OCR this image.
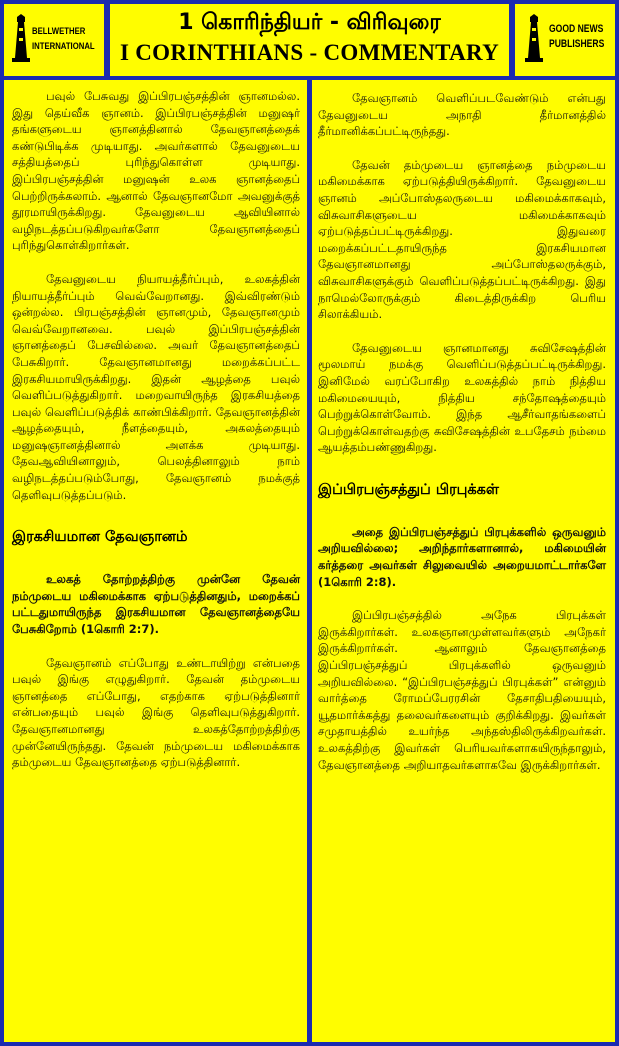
BELLWETHER
INTERNATIONAL
1 கொரிந்தியர் - விரிவுரை
I CORINTHIANS - COMMENTARY
GOOD NEWS
PUBLISHERS

பவுல் பேசுவது இப்பிரபஞ்சத்தின் ஞானமல்ல. இது தெய்வீக ஞானம். இப்பிரபஞ்சத்தின் மனுஷர் தங்களுடைய ஞானத்தினால் தேவஞானத்தைக் கண்டுபிடிக்க முடியாது. அவர்களால் தேவனுடைய சத்தியத்தைப் புரிந்துகொள்ள முடியாது. இப்பிரபஞ்சத்தின் மனுஷன் உலக ஞானத்தைப் பெற்றிருக்கலாம். ஆனால் தேவஞானமோ அவனுக்குத் தூரமாயிருக்கிறது. தேவனுடைய ஆவியினால் வழிநடத்தப்படுகிறவர்களோ தேவஞானத்தைப் புரிந்துகொள்கிறார்கள்.

தேவனுடைய நியாயத்தீர்ப்பும், உலகத்தின் நியாயத்தீர்ப்பும் வெவ்வேறானது. இவ்விரண்டும் ஒன்றல்ல. பிரபஞ்சத்தின் ஞானமும், தேவஞானமும் வெவ்வேறானவை. பவுல் இப்பிரபஞ்சத்தின் ஞானத்தைப் பேசவில்லை. அவர் தேவஞானத்தைப் பேசுகிறார். தேவஞானமானது மறைக்கப்பட்ட இரகசியமாயிருக்கிறது. இதன் ஆழத்தை பவுல் வெளிப்படுத்துகிறார். மறைவாயிருந்த இரகசியத்தை பவுல் வெளிப்படுத்திக் காண்பிக்கிறார். தேவஞானத்தின் ஆழத்தையும், நீளத்தையும், அகலத்தையும் மனுஷஞானத்தினால் அளக்க முடியாது. தேவஆவியினாலும், பெலத்தினாலும் நாம் வழிநடத்தப்படும்போது, தேவஞானம் நமக்குத் தெளிவுபடுத்தப்படும்.

இரகசியமான தேவஞானம்

உலகத் தோற்றத்திற்கு முன்னே தேவன் நம்முடைய மகிமைக்காக ஏற்படுத்தினதும், மறைக்கப் பட்டதுமாயிருந்த இரகசியமான தேவஞானத்தையே பேசுகிறோம் (1கொரி 2:7).

தேவஞானம் எப்போது உண்டாயிற்று என்பதை பவுல் இங்கு எழுதுகிறார். தேவன் தம்முடைய ஞானத்தை எப்போது, எதற்காக ஏற்படுத்தினார் என்பதையும் பவுல் இங்கு தெளிவுபடுத்துகிறார். தேவஞானமானது உலகத்தோற்றத்திற்கு முன்னேயிருந்தது. தேவன் நம்முடைய மகிமைக்காக தம்முடைய தேவஞானத்தை ஏற்படுத்தினார்.

தேவஞானம் வெளிப்படவேண்டும் என்பது தேவனுடைய அநாதி தீர்மானத்தில் தீர்மானிக்கப்பட்டிருந்தது.

தேவன் தம்முடைய ஞானத்தை நம்முடைய மகிமைக்காக ஏற்படுத்தியிருக்கிறார். தேவனுடைய ஞானம் அப்போஸ்தலருடைய மகிமைக்காகவும், விசுவாசிகளுடைய மகிமைக்காகவும் ஏற்படுத்தப்பட்டிருக்கிறது. இதுவரை மறைக்கப்பட்டதாயிருந்த இரகசியமான தேவஞானமானது அப்போஸ்தலருக்கும், விசுவாசிகளுக்கும் வெளிப்படுத்தப்பட்டிருக்கிறது. இது நாமெல்லோருக்கும் கிடைத்திருக்கிற பெரிய சிலாக்கியம்.

தேவனுடைய ஞானமானது சுவிசேஷத்தின் மூலமாய் நமக்கு வெளிப்படுத்தப்பட்டிருக்கிறது. இனிமேல் வரப்போகிற உலகத்தில் நாம் நித்திய மகிமையையும், நித்திய சந்தோஷத்தையும் பெற்றுக்கொள்வோம். இந்த ஆசீர்வாதங்களைப் பெற்றுக்கொள்வதற்கு சுவிசேஷத்தின் உபதேசம் நம்மை ஆயத்தம்பண்ணுகிறது.

இப்பிரபஞ்சத்துப் பிரபுக்கள்

அதை இப்பிரபஞ்சத்துப் பிரபுக்களில் ஒருவனும் அறியவில்லை; அறிந்தார்களானால், மகிமையின் கர்த்தரை அவர்கள் சிலுவையில் அறையமாட்டார்களே (1கொரி 2:8).

இப்பிரபஞ்சத்தில் அநேக பிரபுக்கள் இருக்கிறார்கள். உலகஞானமுள்ளவர்களும் அநேகர் இருக்கிறார்கள். ஆனாலும் தேவஞானத்தை இப்பிரபஞ்சத்துப் பிரபுக்களில் ஒருவனும் அறியவில்லை. “இப்பிரபஞ்சத்துப் பிரபுக்கள்” என்னும் வார்த்தை ரோமப்பேரரசின் தேசாதிபதியையும், யூதமார்க்கத்து தலைவர்களையும் குறிக்கிறது. இவர்கள் சமுதாயத்தில் உயர்ந்த அந்தஸ்திலிருக்கிறவர்கள். உலகத்திற்கு இவர்கள் பெரியவர்களாகயிருந்தாலும், தேவஞானத்தை அறியாதவர்களாகவே இருக்கிறார்கள்.
